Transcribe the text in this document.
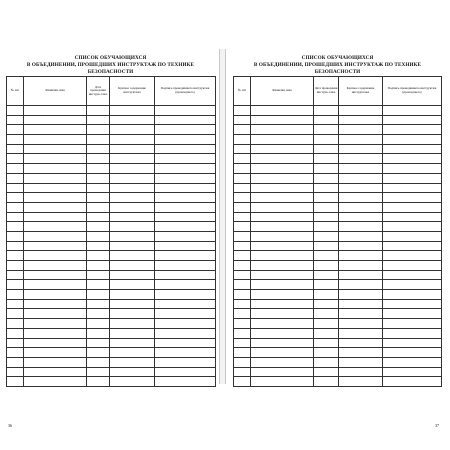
СПИСОК ОБУЧАЮЩИХСЯ
В ОБЪЕДИНЕНИИ, ПРОШЕДШИХ ИНСТРУКТАЖ ПО ТЕХНИКЕ БЕЗОПАСНОСТИ
№ п/п	Фамилия, имя	Дата проведения инструк-тажа	Краткое содержание инструктажа	Подпись проводившего инструктаж (прошедшего)

36
СПИСОК ОБУЧАЮЩИХСЯ
В ОБЪЕДИНЕНИИ, ПРОШЕДШИХ ИНСТРУКТАЖ ПО ТЕХНИКЕ БЕЗОПАСНОСТИ
№ п/п	Фамилия, имя	Дата проведения инструк-тажа	Краткое содержание инструктажа	Подпись проводившего инструктаж (прошедшего)

37
